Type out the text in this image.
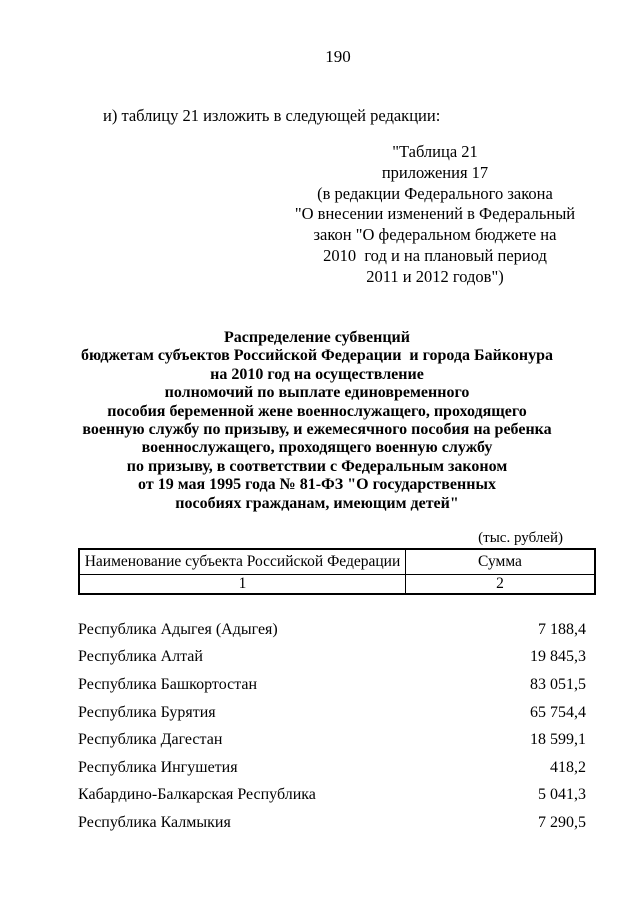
190
и) таблицу 21 изложить в следующей редакции:
"Таблица 21
приложения 17
(в редакции Федерального закона
"О внесении изменений в Федеральный
закон "О федеральном бюджете на
2010  год и на плановый период
2011 и 2012 годов")
Распределение субвенций
бюджетам субъектов Российской Федерации  и города Байконура
на 2010 год на осуществление
полномочий по выплате единовременного
пособия беременной жене военнослужащего, проходящего
военную службу по призыву, и ежемесячного пособия на ребенка
военнослужащего, проходящего военную службу
по призыву, в соответствии с Федеральным законом
от 19 мая 1995 года № 81-ФЗ "О государственных
пособиях гражданам, имеющим детей"
(тыс. рублей)
Наименование субъекта Российской Федерации	Сумма
1	2
Республика Адыгея (Адыгея)	7 188,4
Республика Алтай	19 845,3
Республика Башкортостан	83 051,5
Республика Бурятия	65 754,4
Республика Дагестан	18 599,1
Республика Ингушетия	418,2
Кабардино-Балкарская Республика	5 041,3
Республика Калмыкия	7 290,5
